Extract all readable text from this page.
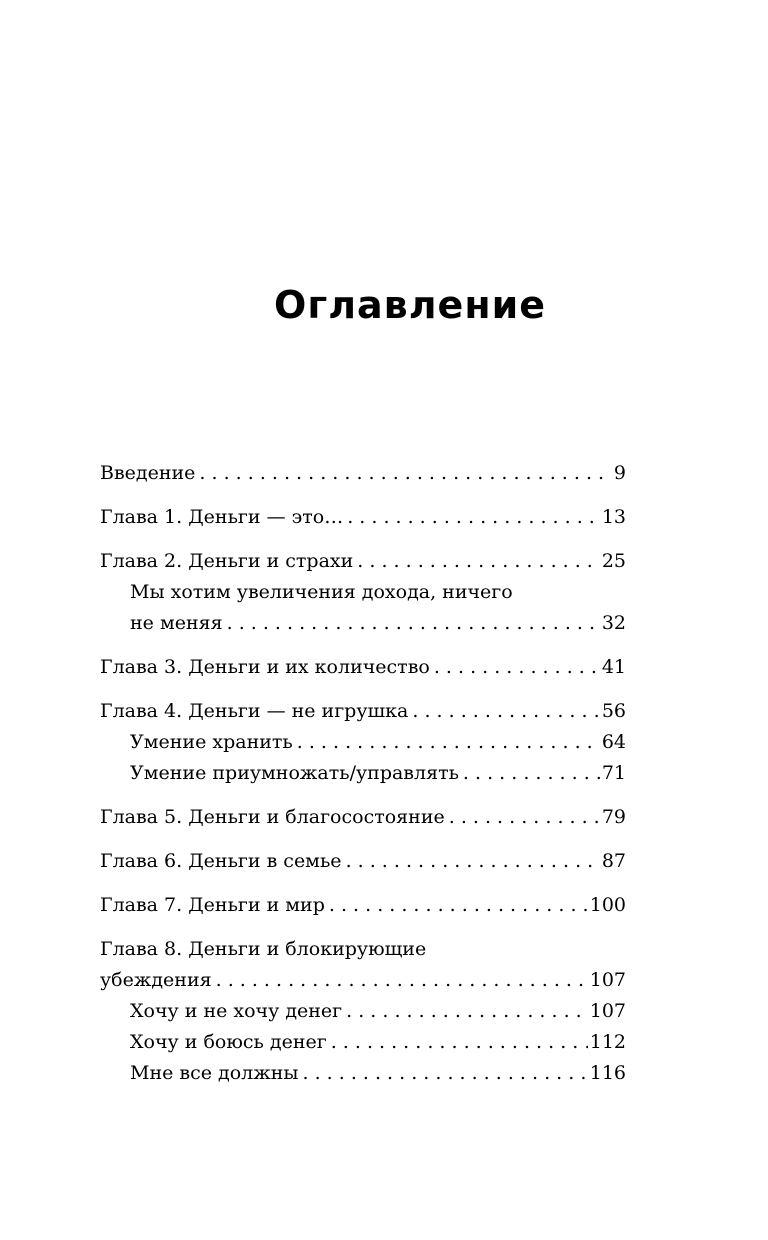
Оглавление
Введение . . .	9
Глава 1. Деньги — это… . . .	13
Глава 2. Деньги и страхи . . .	25
Мы хотим увеличения дохода, ничего
не меняя . . .	32
Глава 3. Деньги и их количество . . .	41
Глава 4. Деньги — не игрушка . . .	56
Умение хранить . . .	64
Умение приумножать/управлять . . .	71
Глава 5. Деньги и благосостояние . . .	79
Глава 6. Деньги в семье . . .	87
Глава 7. Деньги и мир . . .	100
Глава 8. Деньги и блокирующие
убеждения . . .	107
Хочу и не хочу денег . . .	107
Хочу и боюсь денег . . .	112
Мне все должны . . .	116
